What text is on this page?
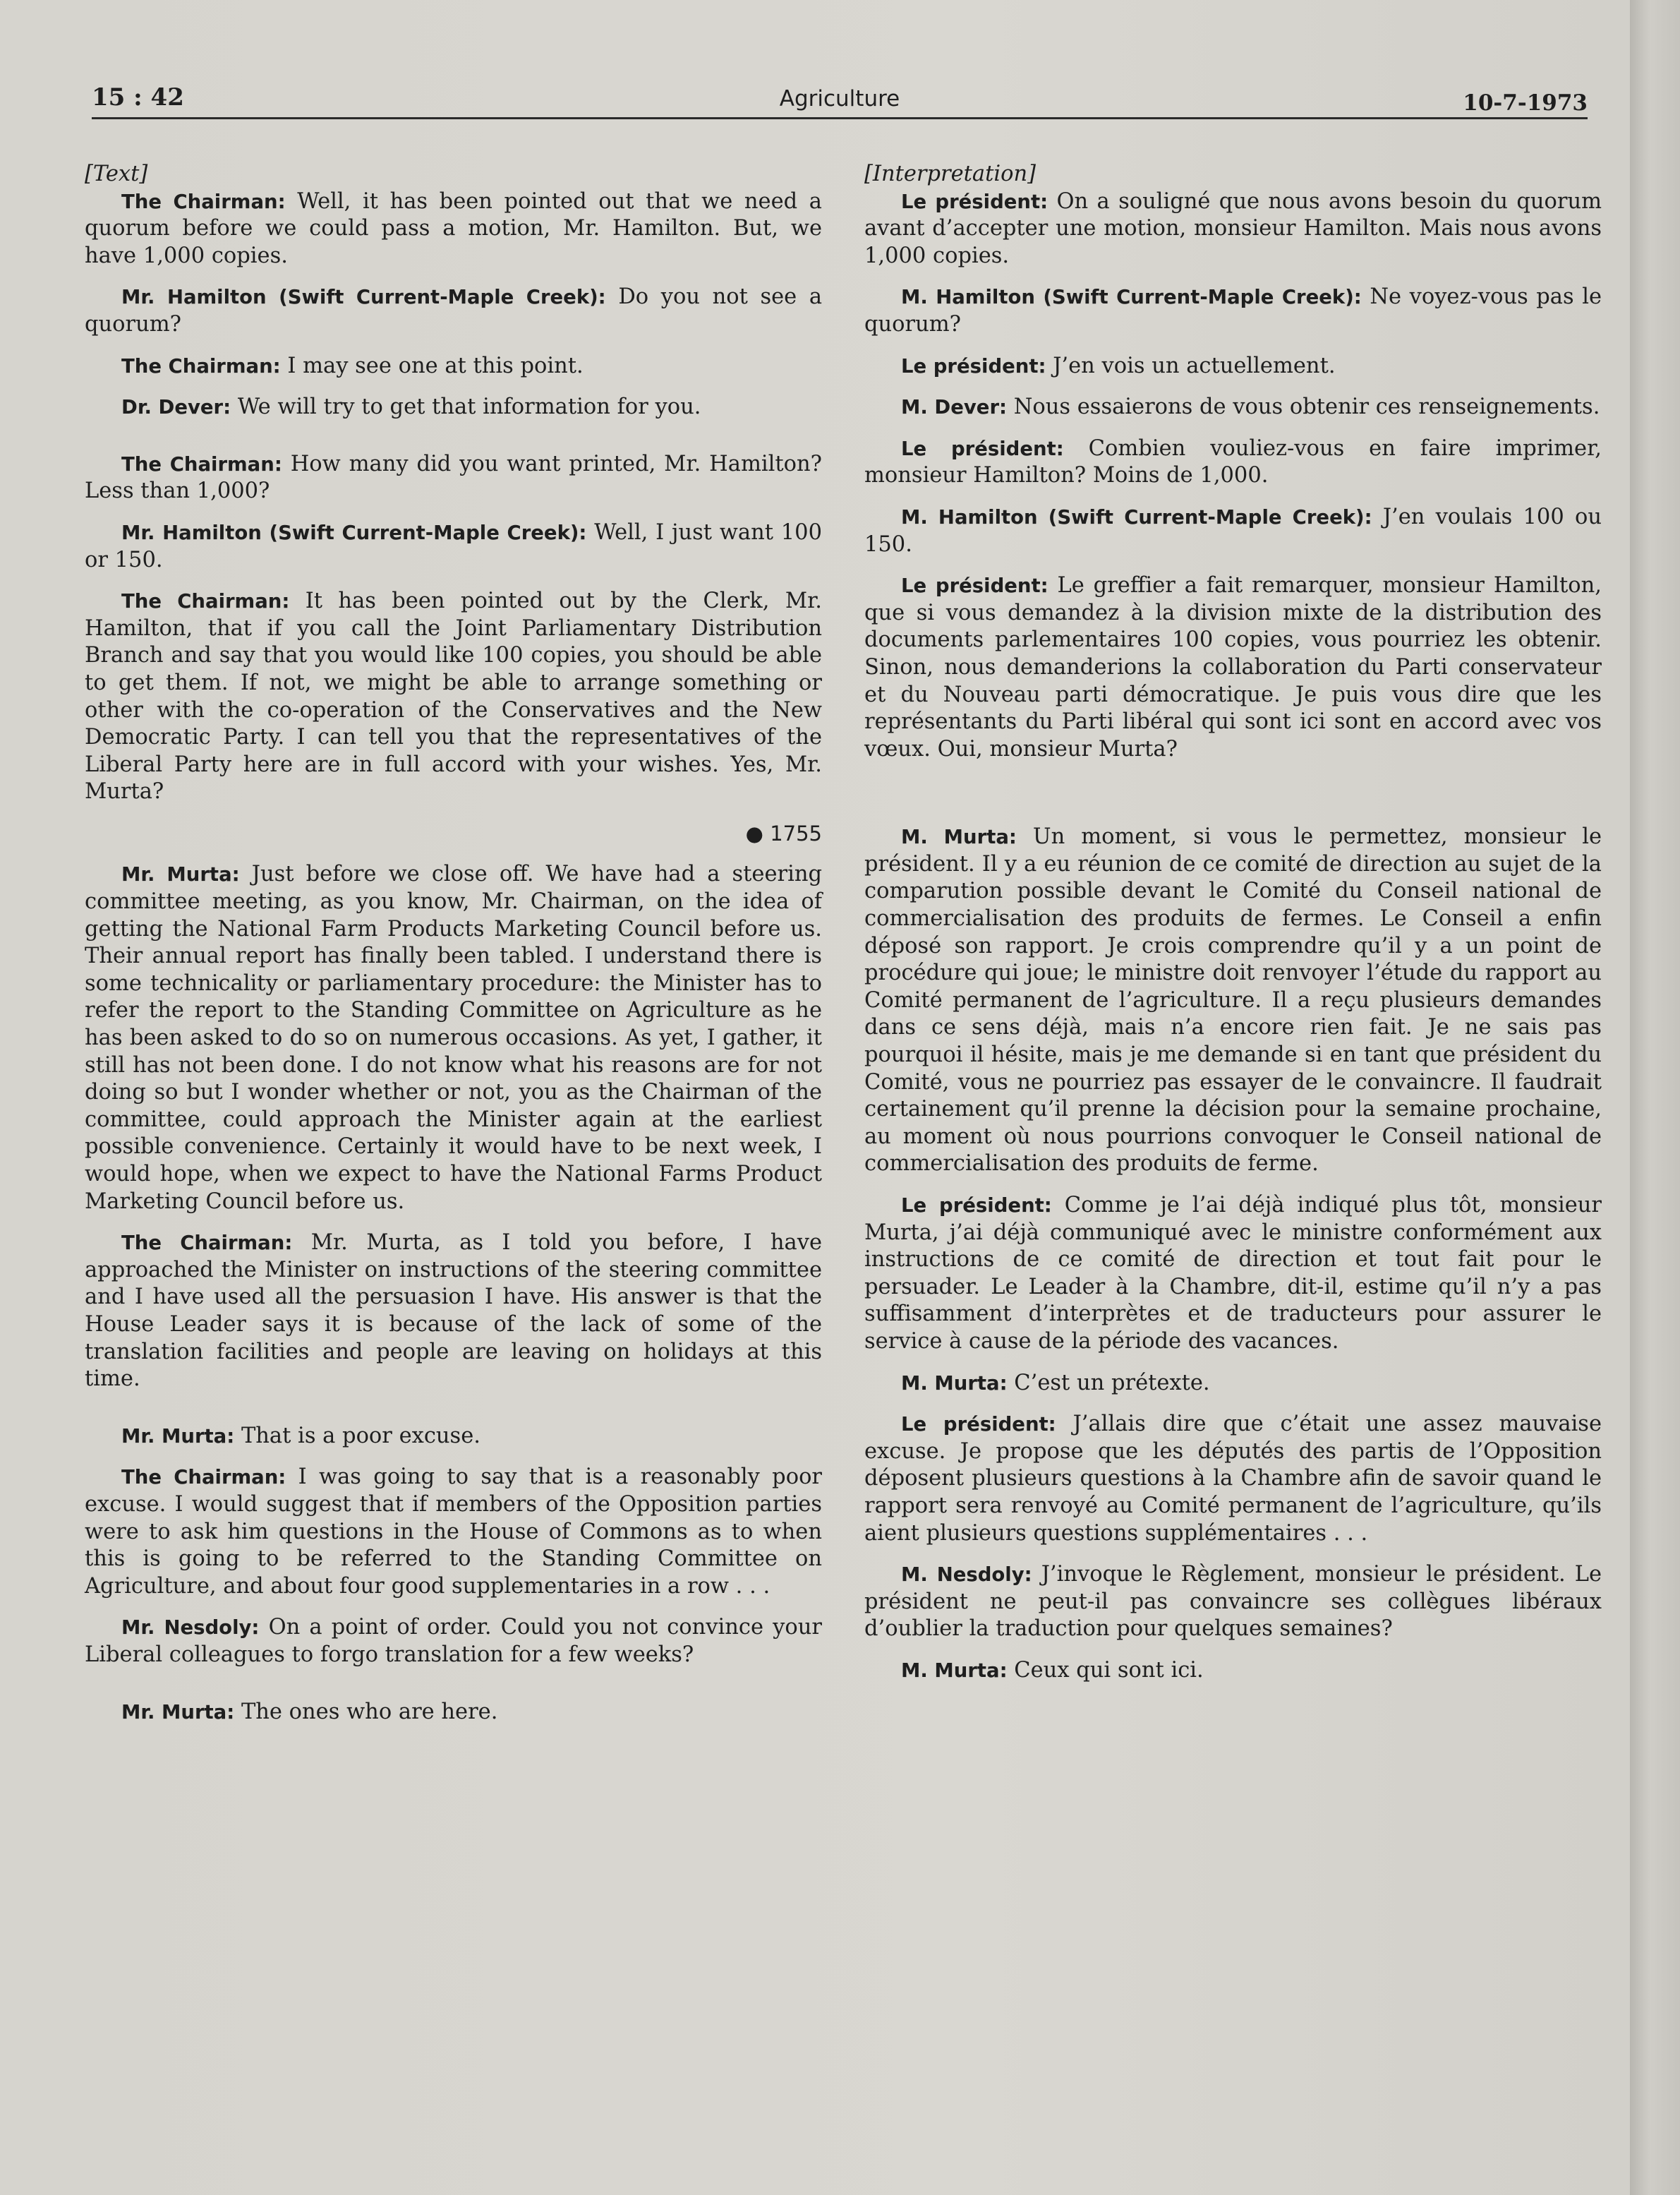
15 : 42	Agriculture	10-7-1973

[Text]

The Chairman: Well, it has been pointed out that we need a quorum before we could pass a motion, Mr. Hamilton. But, we have 1,000 copies.

Mr. Hamilton (Swift Current-Maple Creek): Do you not see a quorum?

The Chairman: I may see one at this point.

Dr. Dever: We will try to get that information for you.

The Chairman: How many did you want printed, Mr. Hamilton? Less than 1,000?

Mr. Hamilton (Swift Current-Maple Creek): Well, I just want 100 or 150.

The Chairman: It has been pointed out by the Clerk, Mr. Hamilton, that if you call the Joint Parliamentary Distribution Branch and say that you would like 100 copies, you should be able to get them. If not, we might be able to arrange something or other with the co-operation of the Conservatives and the New Democratic Party. I can tell you that the representatives of the Liberal Party here are in full accord with your wishes. Yes, Mr. Murta?

● 1755

Mr. Murta: Just before we close off. We have had a steering committee meeting, as you know, Mr. Chairman, on the idea of getting the National Farm Products Marketing Council before us. Their annual report has finally been tabled. I understand there is some technicality or parliamentary procedure: the Minister has to refer the report to the Standing Committee on Agriculture as he has been asked to do so on numerous occasions. As yet, I gather, it still has not been done. I do not know what his reasons are for not doing so but I wonder whether or not, you as the Chairman of the committee, could approach the Minister again at the earliest possible convenience. Certainly it would have to be next week, I would hope, when we expect to have the National Farms Product Marketing Council before us.

The Chairman: Mr. Murta, as I told you before, I have approached the Minister on instructions of the steering committee and I have used all the persuasion I have. His answer is that the House Leader says it is because of the lack of some of the translation facilities and people are leaving on holidays at this time.

Mr. Murta: That is a poor excuse.

The Chairman: I was going to say that is a reasonably poor excuse. I would suggest that if members of the Opposition parties were to ask him questions in the House of Commons as to when this is going to be referred to the Standing Committee on Agriculture, and about four good supplementaries in a row . . .

Mr. Nesdoly: On a point of order. Could you not convince your Liberal colleagues to forgo translation for a few weeks?

Mr. Murta: The ones who are here.

[Interpretation]

Le président: On a souligné que nous avons besoin du quorum avant d’accepter une motion, monsieur Hamilton. Mais nous avons 1,000 copies.

M. Hamilton (Swift Current-Maple Creek): Ne voyez-vous pas le quorum?

Le président: J’en vois un actuellement.

M. Dever: Nous essaierons de vous obtenir ces renseignements.

Le président: Combien vouliez-vous en faire imprimer, monsieur Hamilton? Moins de 1,000.

M. Hamilton (Swift Current-Maple Creek): J’en voulais 100 ou 150.

Le président: Le greffier a fait remarquer, monsieur Hamilton, que si vous demandez à la division mixte de la distribution des documents parlementaires 100 copies, vous pourriez les obtenir. Sinon, nous demanderions la collaboration du Parti conservateur et du Nouveau parti démocratique. Je puis vous dire que les représentants du Parti libéral qui sont ici sont en accord avec vos vœux. Oui, monsieur Murta?

M. Murta: Un moment, si vous le permettez, monsieur le président. Il y a eu réunion de ce comité de direction au sujet de la comparution possible devant le Comité du Conseil national de commercialisation des produits de fermes. Le Conseil a enfin déposé son rapport. Je crois comprendre qu’il y a un point de procédure qui joue; le ministre doit renvoyer l’étude du rapport au Comité permanent de l’agriculture. Il a reçu plusieurs demandes dans ce sens déjà, mais n’a encore rien fait. Je ne sais pas pourquoi il hésite, mais je me demande si en tant que président du Comité, vous ne pourriez pas essayer de le convaincre. Il faudrait certainement qu’il prenne la décision pour la semaine prochaine, au moment où nous pourrions convoquer le Conseil national de commercialisation des produits de ferme.

Le président: Comme je l’ai déjà indiqué plus tôt, monsieur Murta, j’ai déjà communiqué avec le ministre conformément aux instructions de ce comité de direction et tout fait pour le persuader. Le Leader à la Chambre, dit-il, estime qu’il n’y a pas suffisamment d’interprètes et de traducteurs pour assurer le service à cause de la période des vacances.

M. Murta: C’est un prétexte.

Le président: J’allais dire que c’était une assez mauvaise excuse. Je propose que les députés des partis de l’Opposition déposent plusieurs questions à la Chambre afin de savoir quand le rapport sera renvoyé au Comité permanent de l’agriculture, qu’ils aient plusieurs questions supplémentaires . . .

M. Nesdoly: J’invoque le Règlement, monsieur le président. Le président ne peut-il pas convaincre ses collègues libéraux d’oublier la traduction pour quelques semaines?

M. Murta: Ceux qui sont ici.
